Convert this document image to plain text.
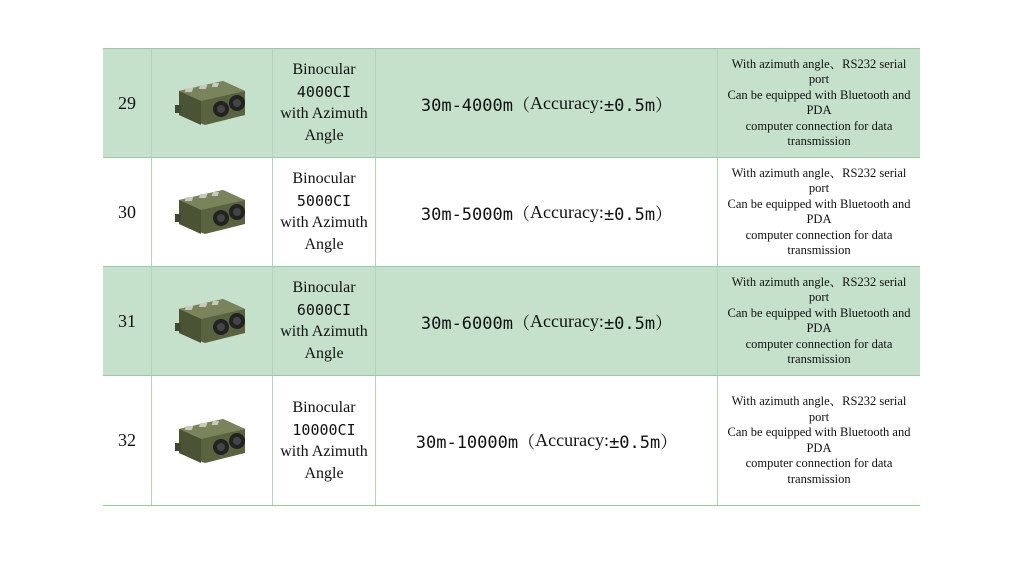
29
Binocular
4000CI
with Azimuth
Angle
30m-4000m（ Accuracy: ±0.5m）
With azimuth angle、RS232 serial
port
Can be equipped with Bluetooth and
PDA
computer connection for data
transmission
30
Binocular
5000CI
with Azimuth
Angle
30m-5000m（ Accuracy: ±0.5m）
With azimuth angle、RS232 serial
port
Can be equipped with Bluetooth and
PDA
computer connection for data
transmission
31
Binocular
6000CI
with Azimuth
Angle
30m-6000m（ Accuracy: ±0.5m）
With azimuth angle、RS232 serial
port
Can be equipped with Bluetooth and
PDA
computer connection for data
transmission
32
Binocular
10000CI
with Azimuth
Angle
30m-10000m（ Accuracy: ±0.5m）
With azimuth angle、RS232 serial
port
Can be equipped with Bluetooth and
PDA
computer connection for data
transmission
